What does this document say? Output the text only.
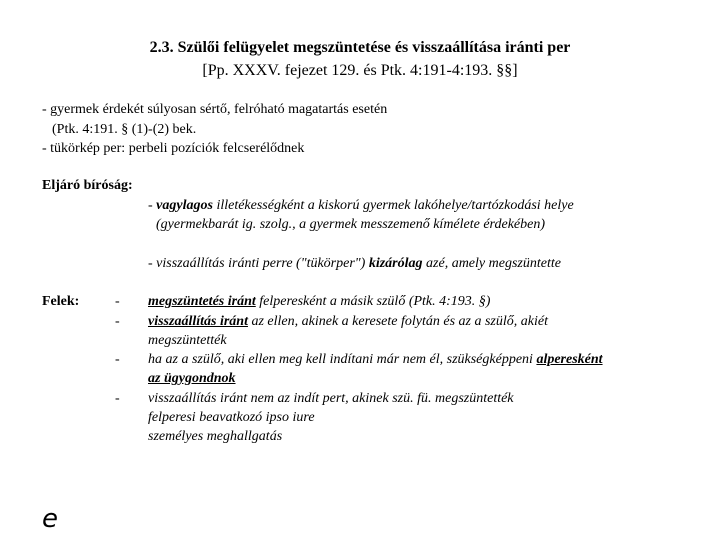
2.3. Szülői felügyelet megszüntetése és visszaállítása iránti per
[Pp. XXXV. fejezet 129. és Ptk. 4:191-4:193. §§]
- gyermek érdekét súlyosan sértő, felróható magatartás esetén
(Ptk. 4:191. § (1)-(2) bek.
- tükörkép per: perbeli pozíciók felcserélődnek
Eljáró bíróság:
- vagylagos illetékességként a kiskorú gyermek lakóhelye/tartózkodási helye
(gyermekbarát ig. szolg., a gyermek messzemenő kímélete érdekében)
- visszaállítás iránti perre ("tükörper") kizárólag azé, amely megszüntette
Felek:	-
-
-
-
megszüntetés iránt felperesként a másik szülő (Ptk. 4:193. §)
visszaállítás iránt az ellen, akinek a keresete folytán és az a szülő, akiét
megszüntették
ha az a szülő, aki ellen meg kell indítani már nem él, szükségképpeni alperesként
az ügygondnok
visszaállítás iránt nem az indít pert, akinek szü. fü. megszüntették
felperesi beavatkozó ipso iure
személyes meghallgatás
e
